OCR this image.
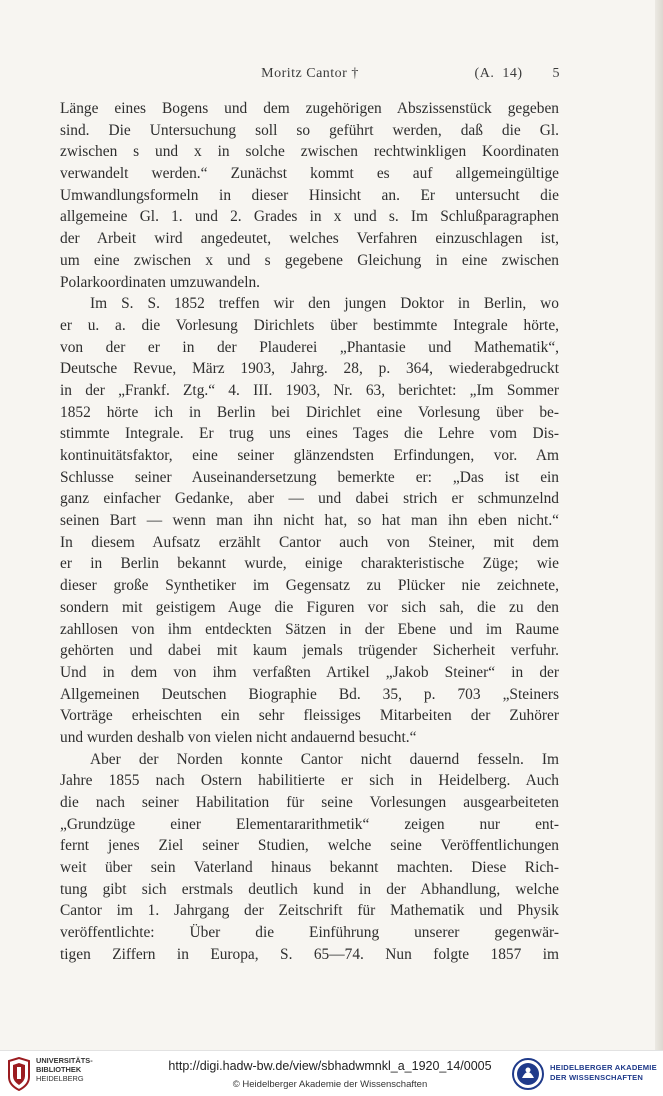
Moritz Cantor †	(A. 14) 5
Länge eines Bogens und dem zugehörigen Abszissenstück gegeben
sind. Die Untersuchung soll so geführt werden, daß die Gl.
zwischen s und x in solche zwischen rechtwinkligen Koordinaten
verwandelt werden.“ Zunächst kommt es auf allgemeingültige
Umwandlungsformeln in dieser Hinsicht an. Er untersucht die
allgemeine Gl. 1. und 2. Grades in x und s. Im Schlußparagraphen
der Arbeit wird angedeutet, welches Verfahren einzuschlagen ist,
um eine zwischen x und s gegebene Gleichung in eine zwischen
Polarkoordinaten umzuwandeln.
Im S. S. 1852 treffen wir den jungen Doktor in Berlin, wo
er u. a. die Vorlesung Dirichlets über bestimmte Integrale hörte,
von der er in der Plauderei „Phantasie und Mathematik“,
Deutsche Revue, März 1903, Jahrg. 28, p. 364, wiederabgedruckt
in der „Frankf. Ztg.“ 4. III. 1903, Nr. 63, berichtet: „Im Sommer
1852 hörte ich in Berlin bei Dirichlet eine Vorlesung über be-
stimmte Integrale. Er trug uns eines Tages die Lehre vom Dis-
kontinuitätsfaktor, eine seiner glänzendsten Erfindungen, vor. Am
Schlusse seiner Auseinandersetzung bemerkte er: „Das ist ein
ganz einfacher Gedanke, aber — und dabei strich er schmunzelnd
seinen Bart — wenn man ihn nicht hat, so hat man ihn eben nicht.“
In diesem Aufsatz erzählt Cantor auch von Steiner, mit dem
er in Berlin bekannt wurde, einige charakteristische Züge; wie
dieser große Synthetiker im Gegensatz zu Plücker nie zeichnete,
sondern mit geistigem Auge die Figuren vor sich sah, die zu den
zahllosen von ihm entdeckten Sätzen in der Ebene und im Raume
gehörten und dabei mit kaum jemals trügender Sicherheit verfuhr.
Und in dem von ihm verfaßten Artikel „Jakob Steiner“ in der
Allgemeinen Deutschen Biographie Bd. 35, p. 703 „Steiners
Vorträge erheischten ein sehr fleissiges Mitarbeiten der Zuhörer
und wurden deshalb von vielen nicht andauernd besucht.“
Aber der Norden konnte Cantor nicht dauernd fesseln. Im
Jahre 1855 nach Ostern habilitierte er sich in Heidelberg. Auch
die nach seiner Habilitation für seine Vorlesungen ausgearbeiteten
„Grundzüge einer Elementararithmetik“ zeigen nur ent-
fernt jenes Ziel seiner Studien, welche seine Veröffentlichungen
weit über sein Vaterland hinaus bekannt machten. Diese Rich-
tung gibt sich erstmals deutlich kund in der Abhandlung, welche
Cantor im 1. Jahrgang der Zeitschrift für Mathematik und Physik
veröffentlichte: Über die Einführung unserer gegenwär-
tigen Ziffern in Europa, S. 65—74. Nun folgte 1857 im
UNIVERSITÄTS-
BIBLIOTHEK
HEIDELBERG
http://digi.hadw-bw.de/view/sbhadwmnkl_a_1920_14/0005
© Heidelberger Akademie der Wissenschaften
HEIDELBERGER AKADEMIE
DER WISSENSCHAFTEN
